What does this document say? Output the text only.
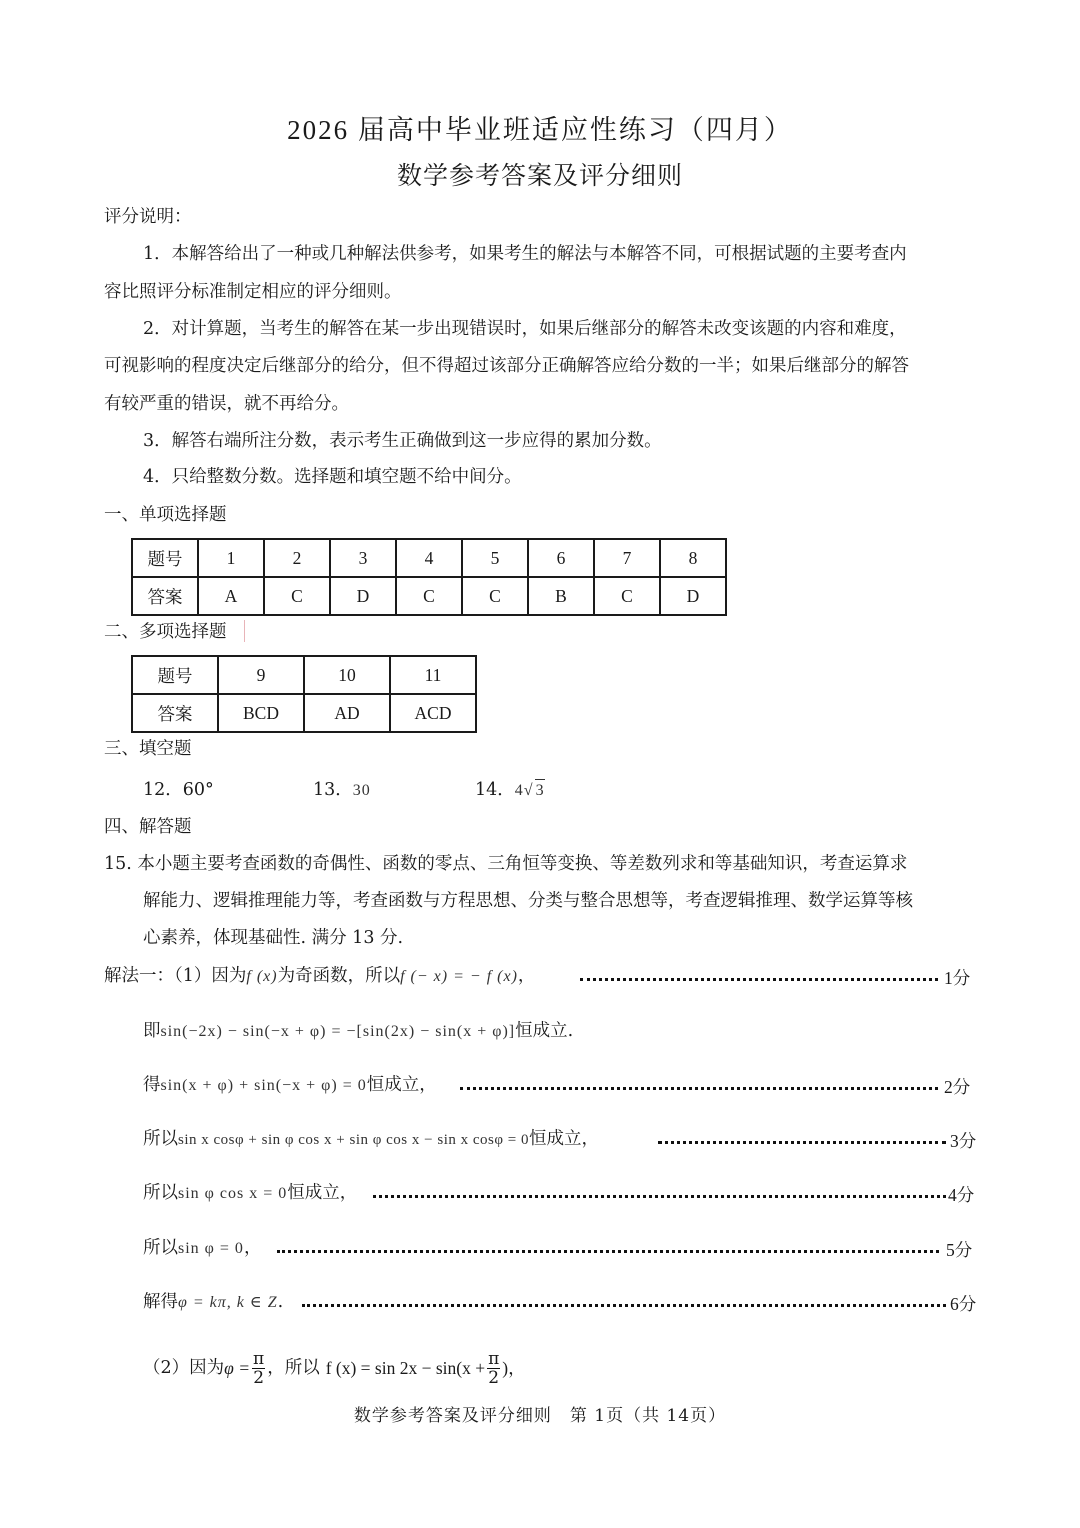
2026 届高中毕业班适应性练习（四月）
数学参考答案及评分细则
评分说明：
1．本解答给出了一种或几种解法供参考，如果考生的解法与本解答不同，可根据试题的主要考查内
容比照评分标准制定相应的评分细则。
2．对计算题，当考生的解答在某一步出现错误时，如果后继部分的解答未改变该题的内容和难度，
可视影响的程度决定后继部分的给分，但不得超过该部分正确解答应给分数的一半；如果后继部分的解答
有较严重的错误，就不再给分。
3．解答右端所注分数，表示考生正确做到这一步应得的累加分数。
4．只给整数分数。选择题和填空题不给中间分。
一、单项选择题
题号	1	2	3	4	5	6	7	8
答案	A	C	D	C	C	B	C	D
二、多项选择题
题号	9	10	11
答案	BCD	AD	ACD
三、填空题
12．60°	13．30	14．4√ 3
四、解答题
15. 本小题主要考查函数的奇偶性、函数的零点、三角恒等变换、等差数列求和等基础知识，考查运算求
解能力、逻辑推理能力等，考查函数与方程思想、分类与整合思想等，考查逻辑推理、数学运算等核
心素养，体现基础性. 满分 13 分.
解法一：（1）因为f (x)为奇函数，所以f (− x) = − f (x)，	1分
即sin(−2x) − sin(−x + φ) = −[sin(2x) − sin(x + φ)]恒成立.
得sin(x + φ) + sin(−x + φ) = 0恒成立，	2分
所以sin x cosφ + sin φ cos x + sin φ cos x − sin x cosφ = 0恒成立，	3分
所以sin φ cos x = 0恒成立，	4分
所以sin φ = 0，	5分
解得φ = kπ, k ∈ Z.	6分
（2）因为 $\varphi = \frac{\pi}{2}$ ，所以 f $(x) = \sin 2x - \sin(x + \frac{\pi}{2}$ )，
数学参考答案及评分细则　第 1页（共 14页）
